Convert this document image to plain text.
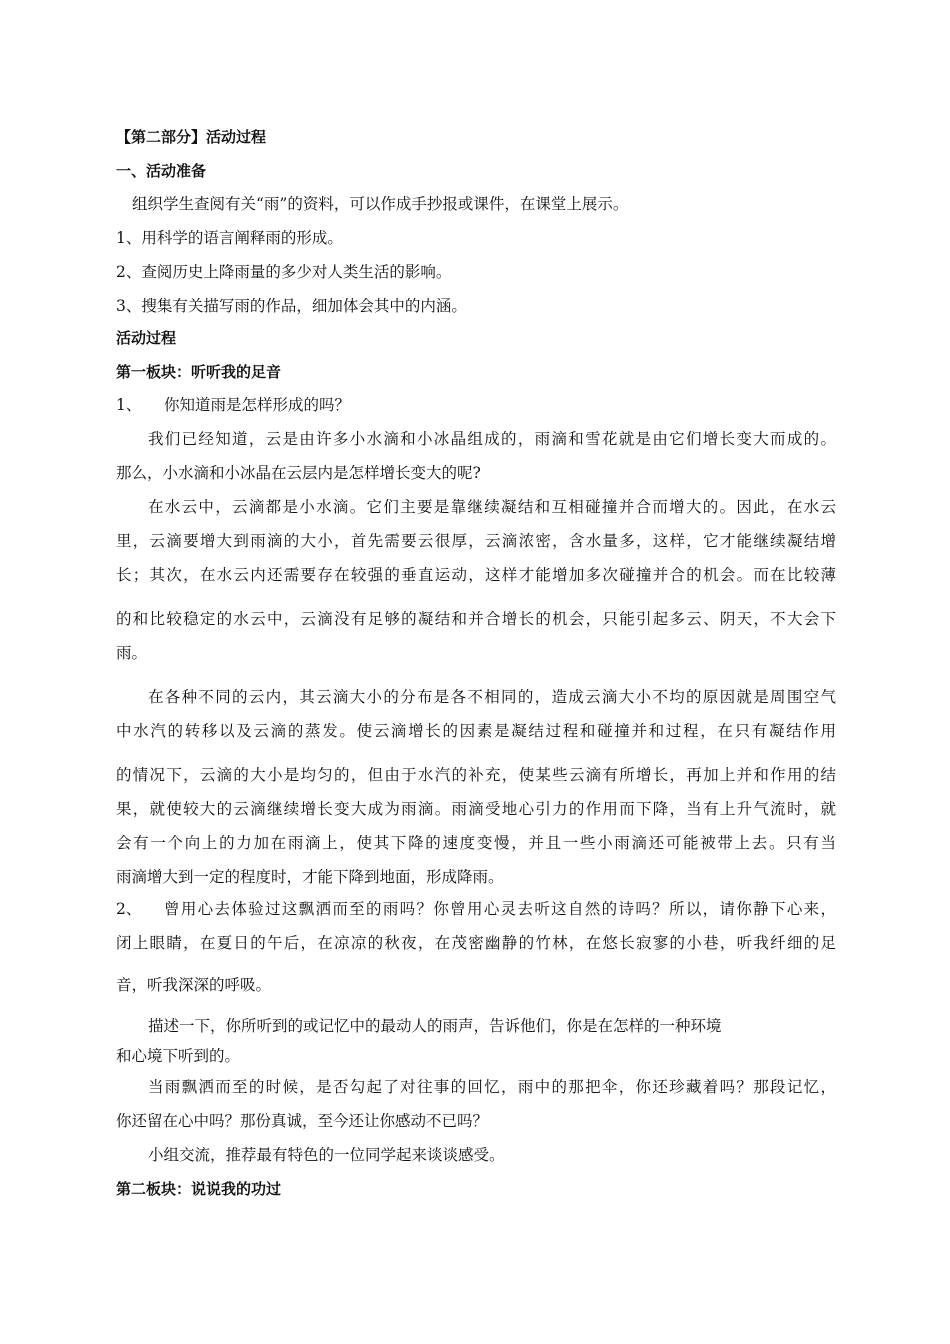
【第二部分】活动过程
一、活动准备
组织学生查阅有关“雨”的资料，可以作成手抄报或课件，在课堂上展示。
1、用科学的语言阐释雨的形成。
2、查阅历史上降雨量的多少对人类生活的影响。
3、搜集有关描写雨的作品，细加体会其中的内涵。
活动过程
第一板块：听听我的足音
1、	你知道雨是怎样形成的吗？
我们已经知道，云是由许多小水滴和小冰晶组成的，雨滴和雪花就是由它们增长变大而成的。
那么，小水滴和小冰晶在云层内是怎样增长变大的呢?
在水云中，云滴都是小水滴。它们主要是靠继续凝结和互相碰撞并合而增大的。因此，在水云
里，云滴要增大到雨滴的大小，首先需要云很厚，云滴浓密，含水量多，这样，它才能继续凝结增
长；其次，在水云内还需要存在较强的垂直运动，这样才能增加多次碰撞并合的机会。而在比较薄
的和比较稳定的水云中，云滴没有足够的凝结和并合增长的机会，只能引起多云、阴天，不大会下
雨。
在各种不同的云内，其云滴大小的分布是各不相同的，造成云滴大小不均的原因就是周围空气
中水汽的转移以及云滴的蒸发。使云滴增长的因素是凝结过程和碰撞并和过程，在只有凝结作用
的情况下，云滴的大小是均匀的，但由于水汽的补充，使某些云滴有所增长，再加上并和作用的结
果，就使较大的云滴继续增长变大成为雨滴。雨滴受地心引力的作用而下降，当有上升气流时，就
会有一个向上的力加在雨滴上，使其下降的速度变慢，并且一些小雨滴还可能被带上去。只有当
雨滴增大到一定的程度时，才能下降到地面，形成降雨。
2、	曾用心去体验过这飘洒而至的雨吗？你曾用心灵去听这自然的诗吗？所以，请你静下心来，
闭上眼睛，在夏日的午后，在凉凉的秋夜，在茂密幽静的竹林，在悠长寂寥的小巷，听我纤细的足
音，听我深深的呼吸。
描述一下，你所听到的或记忆中的最动人的雨声，告诉他们，你是在怎样的一种环境
和心境下听到的。
当雨飘洒而至的时候，是否勾起了对往事的回忆，雨中的那把伞，你还珍藏着吗？那段记忆，
你还留在心中吗？那份真诚，至今还让你感动不已吗？
小组交流，推荐最有特色的一位同学起来谈谈感受。
第二板块：说说我的功过
